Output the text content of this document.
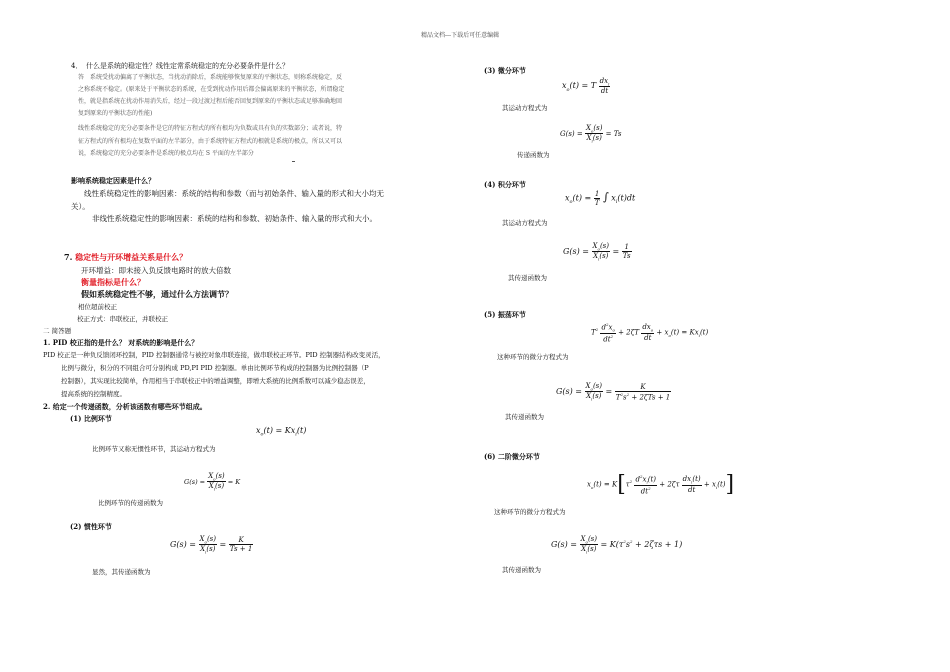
精品文档---下载后可任意编辑
4．　什么是系统的稳定性？线性定常系统稳定的充分必要条件是什么？
答　系统受扰动偏离了平衡状态，当扰动消除后，系统能够恢复原来的平衡状态，则称系统稳定，反
之称系统不稳定。(原来处于平衡状态的系统，在受到扰动作用后都会偏离原来的平衡状态，所谓稳定
性，就是指系统在扰动作用消失后，经过一段过渡过程后能否回复到原来的平衡状态或足够准确地回
复到原来的平衡状态的性能)
线性系统稳定的充分必要条件是它的特征方程式的所有根均为负数或具有负的实数部分；或者说，特
征方程式的所有根均在复数平面的左半部分，由于系统特征方程式的根就是系统的极点，所以又可以
说，系统稳定的充分必要条件是系统的极点均在 S 平面的左半部分
影响系统稳定因素是什么？
线性系统稳定性的影响因素：系统的结构和参数（而与初始条件、输入量的形式和大小均无
关）。
非线性系统稳定性的影响因素：系统的结构和参数、初始条件、输入量的形式和大小。
7. 稳定性与开环增益关系是什么？
开环增益：即未接入负反馈电路时的放大倍数
衡量指标是什么？
假如系统稳定性不够，通过什么方法调节？
相位超前校正
校正方式：串联校正，并联校正
二 简答题
1. PID 校正指的是什么？ 对系统的影响是什么？
PID 校正是一种负反馈闭环控制，PID 控制器通常与被控对象串联连接，做串联校正环节。PID 控制器结构改变灵活，
比例与微分，积分的不同组合可分别构成 PD,PI PID 控制器。单由比例环节构成的控制器为比例控制器（P
控制器），其实现比较简单，作用相当于串联校正中的增益调整，即增大系统的比例系数可以减少稳态误差，
提高系统的控制精度。
2. 给定一个传递函数，分析该函数有哪些环节组成。
(1) 比例环节
$x_o(t) = Kx_i(t)$
比例环节又称无惯性环节，其运动方程式为
$G(s) = \frac{X_o(s)}{X_i(s)} = K$
比例环节的传递函数为
(2) 惯性环节
$G(s) = \frac{X_o(s)}{X_i(s)} = \frac{K}{Ts + 1}$
显然，其传递函数为
(3) 微分环节
$x_o(t) = T \frac{dx_i}{dt}$
其运动方程式为
$G(s) = \frac{X_o(s)}{X_i(s)} = Ts$
传递函数为
(4) 积分环节
$x_o(t) = \frac{1}{T}$ ∫ $x_i(t)dt$
其运动方程式为
$G(s) = \frac{X_o(s)}{X_i(s)} = \frac{1}{Ts}$
其传递函数为
(5) 振荡环节
$T^2 \frac{d^2x_o}{dt^2} + 2\zeta T \frac{dx_o}{dt} + x_o(t) = Kx_i(t)$
这种环节的微分方程式为
$G(s) = \frac{X_o(s)}{X_i(s)} = \frac{K}{T^2s^2 + 2\zeta Ts + 1}$
其传递函数为
(6) 二阶微分环节
$x_o(t) = K[\tau^2 \frac{d^2x_i(t)}{dt^2} + 2\zeta\tau \frac{dx_i(t)}{dt} + x_i(t)]$
这种环节的微分方程式为
$G(s) = \frac{X_o(s)}{X_i(s)} = K(\tau^2s^2 + 2\zeta\tau s + 1)$
其传递函数为
